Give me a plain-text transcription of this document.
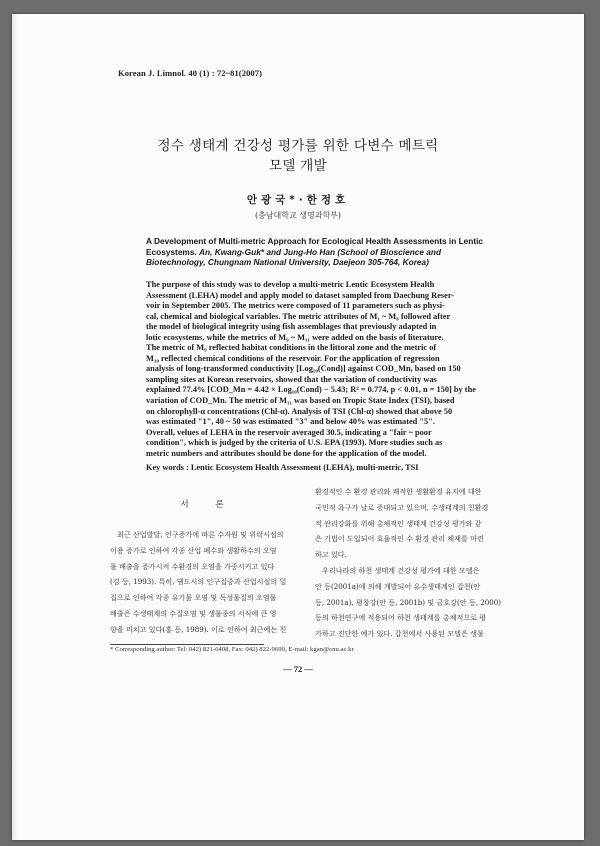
Korean J. Limnol. 40 (1) : 72~81(2007)
정수 생태계 건강성 평가를 위한 다변수 메트릭
모델 개발
안광국*·한정호
(충남대학교 생명과학부)
A Development of Multi-metric Approach for Ecological Health Assessments in Lentic Ecosystems. An, Kwang-Guk* and Jung-Ho Han (School of Bioscience and Biotechnology, Chungnam National University, Daejeon 305-764, Korea)
The purpose of this study was to develop a multi-metric Lentic Ecosystem Health
Assessment (LEHA) model and apply model to dataset sampled from Daechung Reser-
voir in September 2005. The metrics were composed of 11 parameters such as physi-
cal, chemical and biological variables. The metric attributes of M₁ ~ M₈ followed after
the model of biological integrity using fish assemblages that previously adapted in
lotic ecosystems, while the metrics of M₉ ~ M₁₁ were added on the basis of literature.
The metric of M₉ reflected habitat conditions in the littoral zone and the metric of
M₁₀ reflected chemical conditions of the reservoir. For the application of regression
analysis of long-transformed conductivity [Log₁₀(Cond)] against COD_Mn, based on 150
sampling sites at Korean reservoirs, showed that the variation of conductivity was
explained 77.4% [COD_Mn = 4.42 × Log₁₀(Cond) − 5.43; R² = 0.774, p < 0.01, n = 150] by the
variation of COD_Mn. The metric of M₁₁ was based on Tropic State Index (TSI), based
on chlorophyll-α concentrations (Chl-α). Analysis of TSI (Chl-α) showed that above 50
was estimated "1", 40 ~ 50 was estimated "3" and below 40% was estimated "5".
Overall, velues of LEHA in the reservoir averaged 30.5, indicating a "fair ~ poor
condition", which is judged by the criteria of U.S. EPA (1993). More studies such as
metric numbers and attributes should be done for the application of the model.
Key words : Lentic Ecosystem Health Assessment (LEHA), multi-metric, TSI
환경적인 수 환경 관리와 쾌적한 생활환경 유지에 대한
국민적 욕구가 날로 증대되고 있으며, 수생태계의 친환경
적 관리강화를 위해 총체적인 생태계 건강성 평가와 같
은 기법이 도입되어 효율적인 수 환경 관리 체제를 마련
하고 있다.
우리나라의 하천 생태계 건강성 평가에 대한 모델은
안 등(2001a)에 의해 개발되어 유수생태계인 갑천(안
등, 2001a), 평창강(안 등, 2001b) 및 금호강(안 등, 2000)
등의 하천연구에 적용되어 하천 생태계를 총체적으로 평
가하고 진단한 예가 있다. 갑천에서 사용된 모델은 생물
서 론
최근 산업발달, 인구증가에 따른 수자원 및 위락시설의
이용 증가로 인하여 각종 산업 폐수와 생활하수의 오염
물 배출을 증가시켜 수환경의 오염을 가중시키고 있다
(김 등, 1993). 특히, 댐도시의 인구집중과 산업시설의 밀
집으로 인하여 각종 유기물 오염 및 독성물질의 오염물
배출은 수생태계의 수질오염 및 생물종의 서식에 큰 영
향을 미치고 있다(홍 등, 1989). 이로 인하여 최근에는 친
* Corresponding author: Tel: 042) 821-6408, Fax: 042) 822-9690, E-mail: kgan@cnu.ac.kr
— 72 —
